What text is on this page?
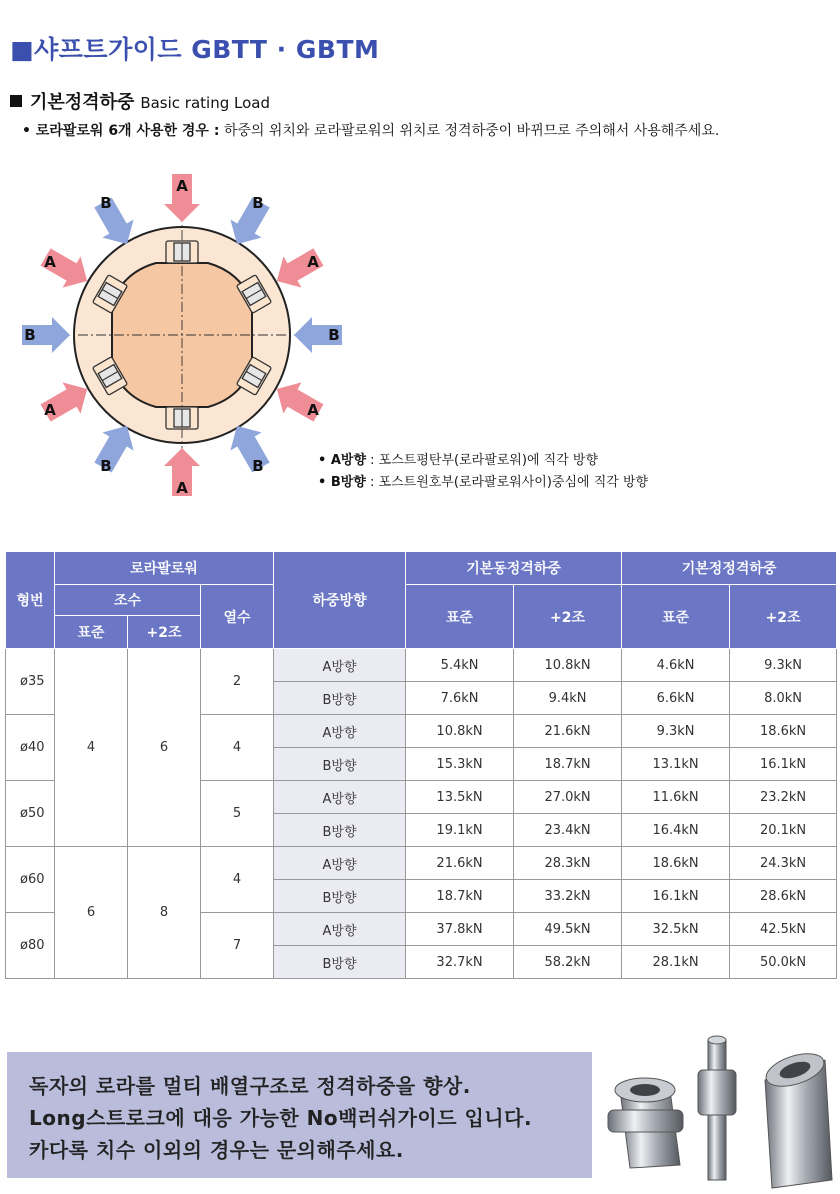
■샤프트가이드 GBTT · GBTM
기본정격하중 Basic rating Load
• 로라팔로워 6개 사용한 경우 : 하중의 위치와 로라팔로워의 위치로 정격하중이 바뀌므로 주의해서 사용해주세요.
A
A
A	A
A	A
B	B
B	B
B	B	• A방향 : 포스트평탄부(로라팔로워)에 직각 방향
• B방향 : 포스트원호부(로라팔로워사이)중심에 직각 방향
형번	로라팔로워			하중방향	기본동정격하중		기본정정격하중	
	조수		열수		표준	+2조	표준	+2조
	표준	+2조						
ø35	4	6	2	A방향	5.4kN	10.8kN	4.6kN	9.3kN
				B방향	7.6kN	9.4kN	6.6kN	8.0kN
ø40			4	A방향	10.8kN	21.6kN	9.3kN	18.6kN
				B방향	15.3kN	18.7kN	13.1kN	16.1kN
ø50			5	A방향	13.5kN	27.0kN	11.6kN	23.2kN
				B방향	19.1kN	23.4kN	16.4kN	20.1kN
ø60	6	8	4	A방향	21.6kN	28.3kN	18.6kN	24.3kN
				B방향	18.7kN	33.2kN	16.1kN	28.6kN
ø80			7	A방향	37.8kN	49.5kN	32.5kN	42.5kN
				B방향	32.7kN	58.2kN	28.1kN	50.0kN

독자의 로라를 멀티 배열구조로 정격하중을 향상.

Long스트로크에 대응 가능한 No백러쉬가이드 입니다.

카다록 치수 이외의 경우는 문의해주세요.
